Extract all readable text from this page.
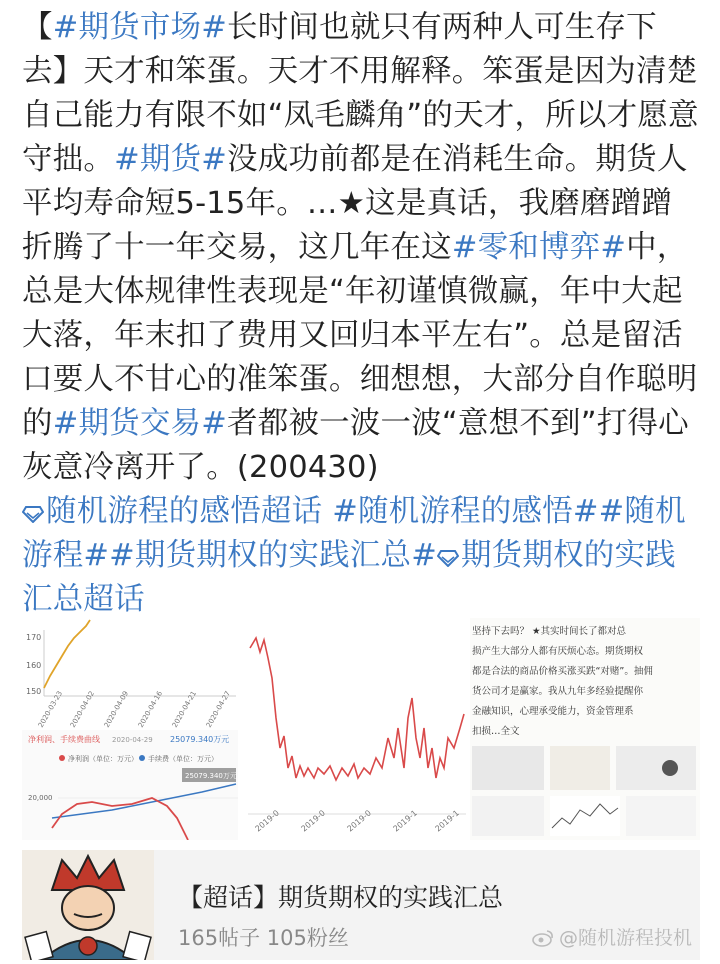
【#期货市场#长时间也就只有两种人可生存下去】天才和笨蛋。天才不用解释。笨蛋是因为清楚自己能力有限不如“凤毛麟角”的天才，所以才愿意守拙。#期货#没成功前都是在消耗生命。期货人平均寿命短5-15年。…★这是真话，我磨磨蹭蹭折腾了十一年交易，这几年在这#零和博弈#中，总是大体规律性表现是“年初谨慎微赢，年中大起大落，年末扣了费用又回归本平左右”。总是留活口要人不甘心的准笨蛋。细想想，大部分自作聪明的#期货交易#者都被一波一波“意想不到”打得心灰意冷离开了。(200430)
随机游程的感悟超话 #随机游程的感悟##随机游程##期货期权的实践汇总# 期货期权的实践汇总超话
170
160
150
2020-03-23 2020-04-02 2020-04-09 2020-04-16 2020-04-21 2020-04-27
净利润、手续费曲线 2020-04-29 25079.340万元
净利润（单位：万元） 手续费（单位：万元）
25079.340万元
20,000
2019-0 2019-0 2019-0 2019-1 2019-1
坚持下去吗？ ★其实时间长了都对总
损产生大部分人都有厌烦心态。期货期权
都是合法的商品价格买涨买跌“对赌”。抽佣
货公司才是赢家。我从九年多经验提醒你
金融知识，心理承受能力，资金管理系
扣损…全文
【超话】期货期权的实践汇总
165帖子 105粉丝	@随机游程投机
